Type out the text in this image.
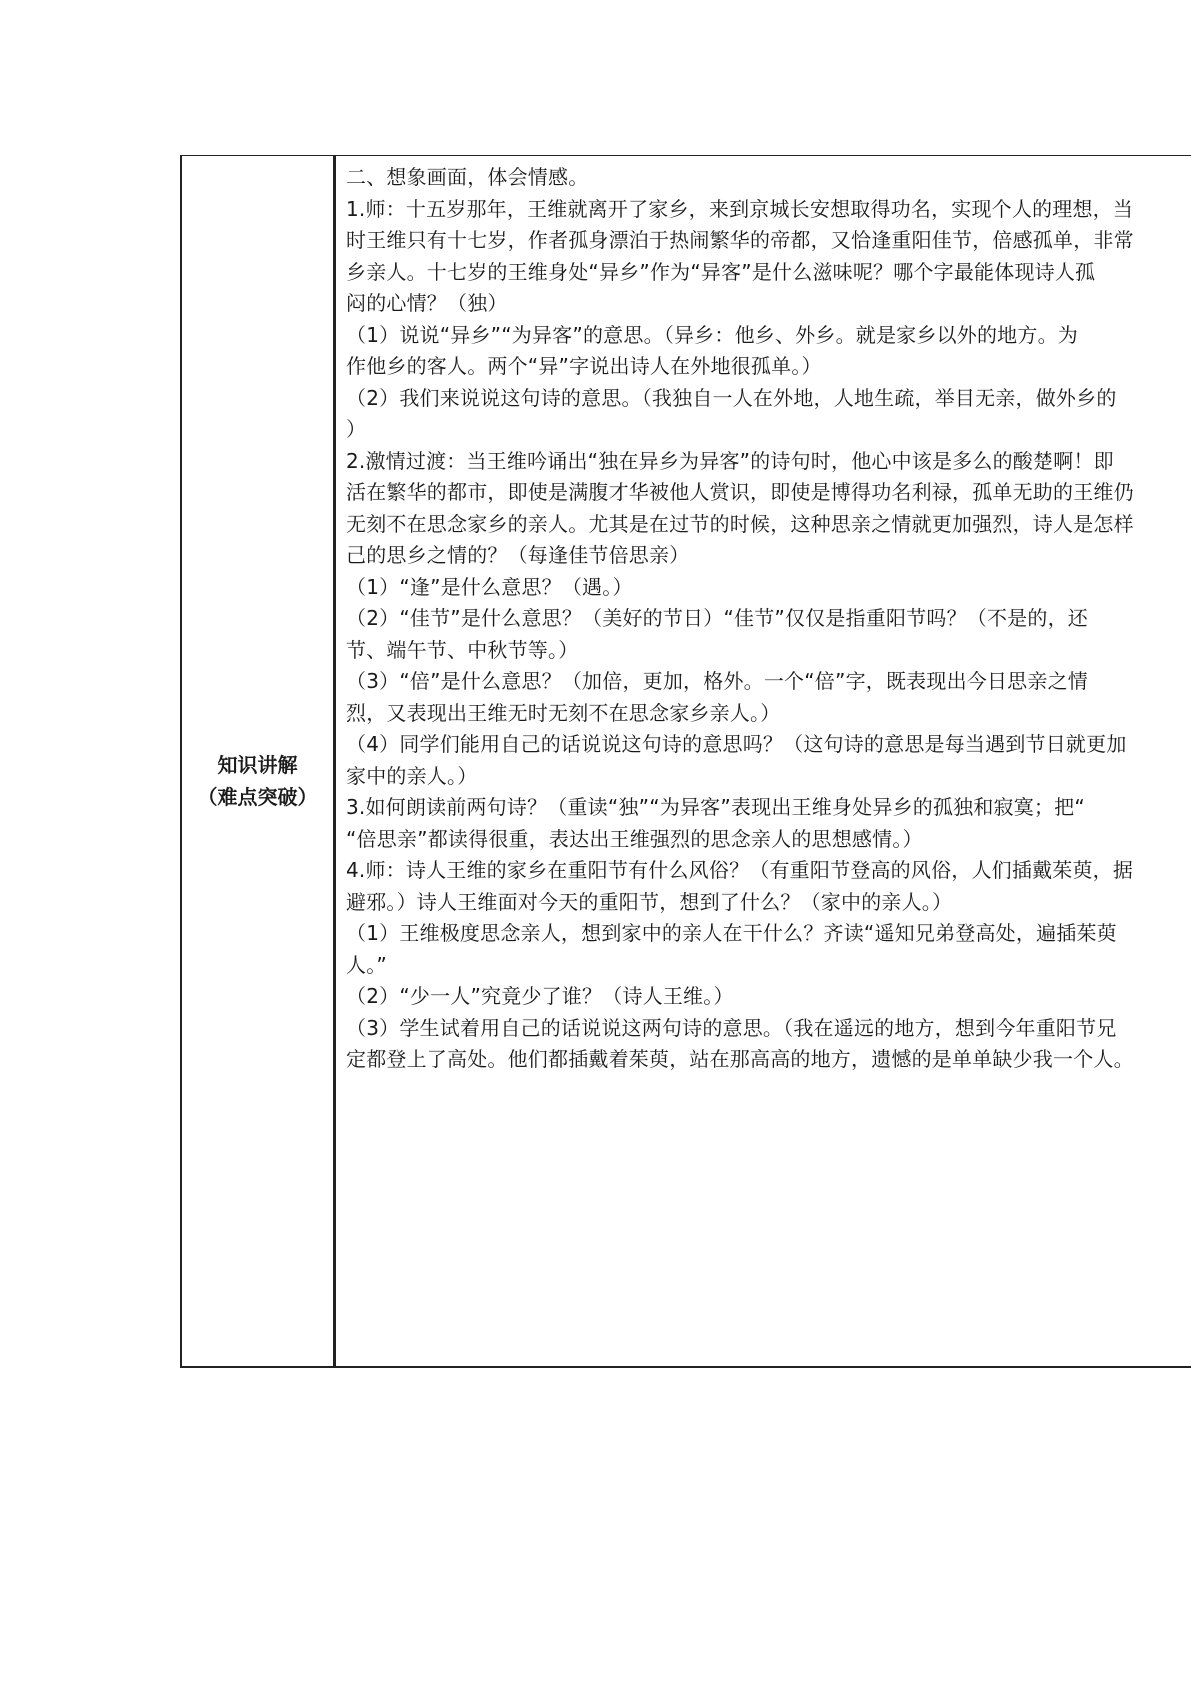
知识讲解
（难点突破）
二、想象画面，体会情感。
1.师：十五岁那年，王维就离开了家乡，来到京城长安想取得功名，实现个人的理想，当
时王维只有十七岁，作者孤身漂泊于热闹繁华的帝都，又恰逢重阳佳节，倍感孤单，非常
乡亲人。十七岁的王维身处“异乡”作为“异客”是什么滋味呢？哪个字最能体现诗人孤
闷的心情？（独）
（1）说说“异乡”“为异客”的意思。（异乡：他乡、外乡。就是家乡以外的地方。为
作他乡的客人。两个“异”字说出诗人在外地很孤单。）
（2）我们来说说这句诗的意思。（我独自一人在外地，人地生疏，举目无亲，做外乡的
）
2.激情过渡：当王维吟诵出“独在异乡为异客”的诗句时，他心中该是多么的酸楚啊！即
活在繁华的都市，即使是满腹才华被他人赏识，即使是博得功名利禄，孤单无助的王维仍
无刻不在思念家乡的亲人。尤其是在过节的时候，这种思亲之情就更加强烈，诗人是怎样
己的思乡之情的？（每逢佳节倍思亲）
（1）“逢”是什么意思？（遇。）
（2）“佳节”是什么意思？（美好的节日）“佳节”仅仅是指重阳节吗？（不是的，还
节、端午节、中秋节等。）
（3）“倍”是什么意思？（加倍，更加，格外。一个“倍”字，既表现出今日思亲之情
烈，又表现出王维无时无刻不在思念家乡亲人。）
（4）同学们能用自己的话说说这句诗的意思吗？（这句诗的意思是每当遇到节日就更加
家中的亲人。）
3.如何朗读前两句诗？（重读“独”“为异客”表现出王维身处异乡的孤独和寂寞；把“
“倍思亲”都读得很重，表达出王维强烈的思念亲人的思想感情。）
4.师：诗人王维的家乡在重阳节有什么风俗？（有重阳节登高的风俗，人们插戴茱萸，据
避邪。）诗人王维面对今天的重阳节，想到了什么？（家中的亲人。）
（1）王维极度思念亲人，想到家中的亲人在干什么？齐读“遥知兄弟登高处，遍插茱萸
人。”
（2）“少一人”究竟少了谁？（诗人王维。）
（3）学生试着用自己的话说说这两句诗的意思。（我在遥远的地方，想到今年重阳节兄
定都登上了高处。他们都插戴着茱萸，站在那高高的地方，遗憾的是单单缺少我一个人。
